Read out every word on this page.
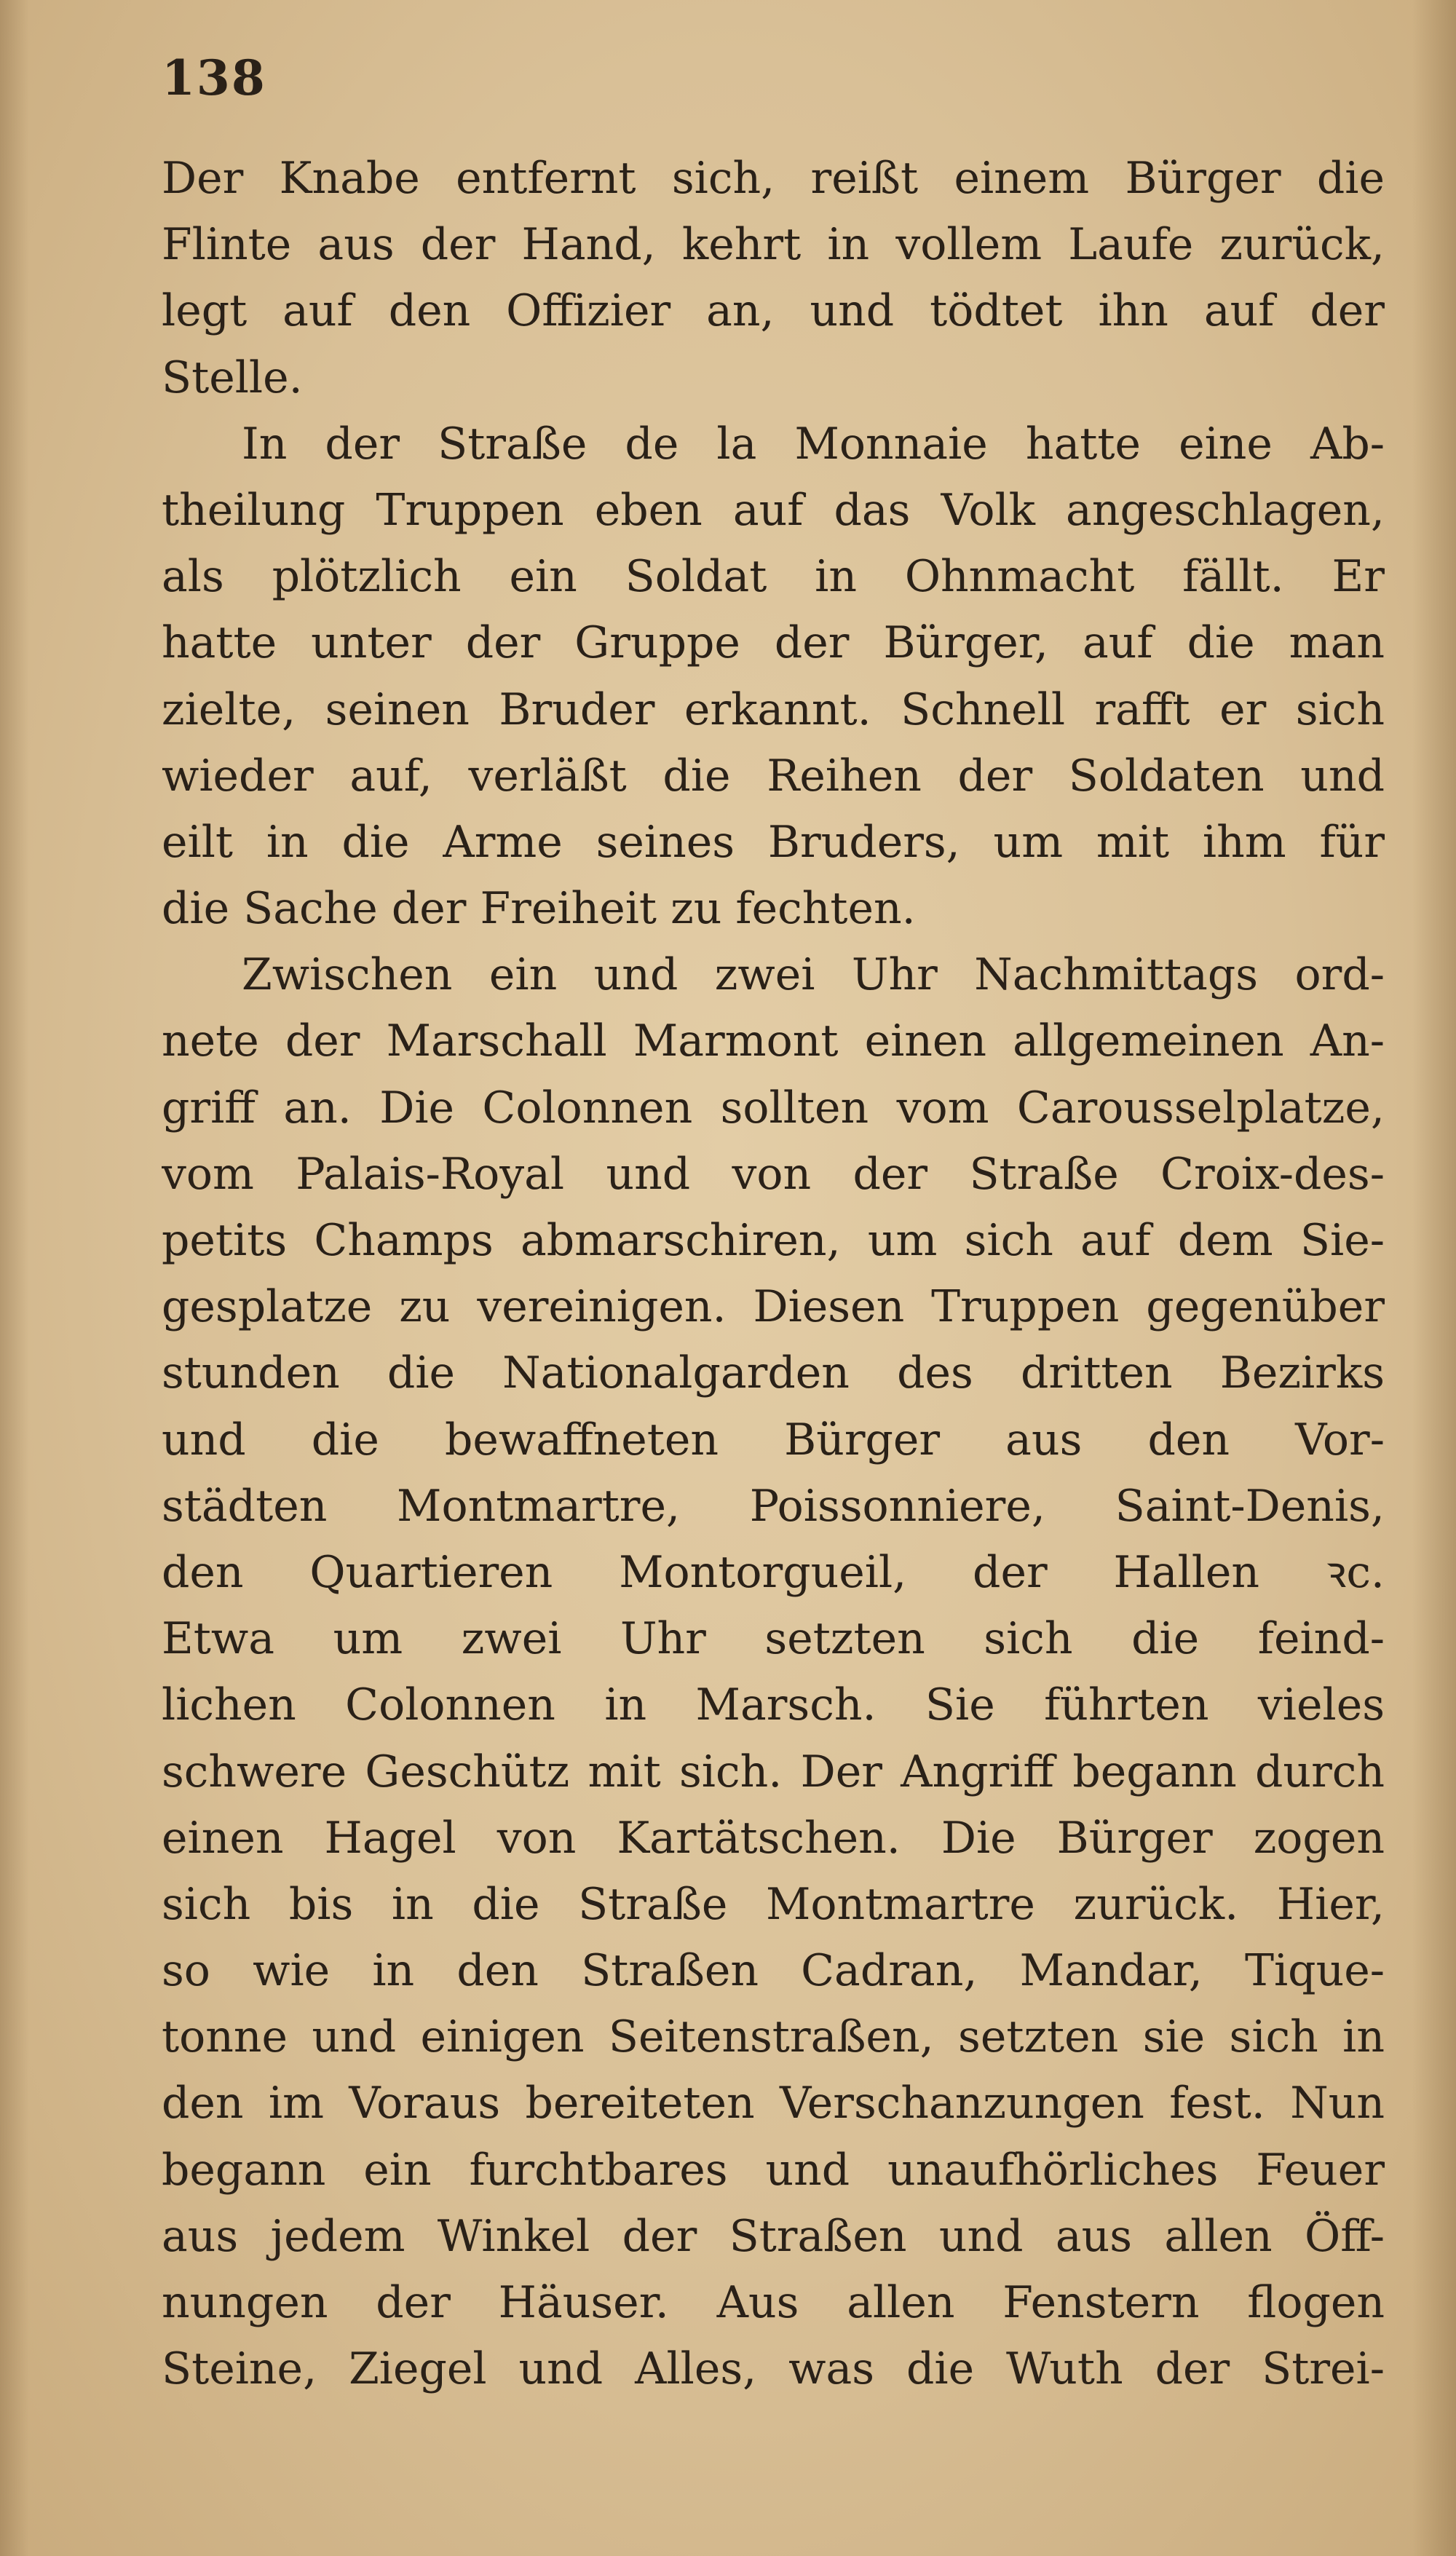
138
Der Knabe entfernt sich, reißt einem Bürger die
Flinte aus der Hand, kehrt in vollem Laufe zurück,
legt auf den Offizier an, und tödtet ihn auf der
Stelle.
In der Straße de la Monnaie hatte eine Ab-
theilung Truppen eben auf das Volk angeschlagen,
als plötzlich ein Soldat in Ohnmacht fällt. Er
hatte unter der Gruppe der Bürger, auf die man
zielte, seinen Bruder erkannt. Schnell rafft er sich
wieder auf, verläßt die Reihen der Soldaten und
eilt in die Arme seines Bruders, um mit ihm für
die Sache der Freiheit zu fechten.
Zwischen ein und zwei Uhr Nachmittags ord-
nete der Marschall Marmont einen allgemeinen An-
griff an. Die Colonnen sollten vom Carousselplatze,
vom Palais-Royal und von der Straße Croix-des-
petits Champs abmarschiren, um sich auf dem Sie-
gesplatze zu vereinigen. Diesen Truppen gegenüber
stunden die Nationalgarden des dritten Bezirks
und die bewaffneten Bürger aus den Vor-
städten Montmartre, Poissonniere, Saint-Denis,
den Quartieren Montorgueil, der Hallen ꝛc.
Etwa um zwei Uhr setzten sich die feind-
lichen Colonnen in Marsch. Sie führten vieles
schwere Geschütz mit sich. Der Angriff begann durch
einen Hagel von Kartätschen. Die Bürger zogen
sich bis in die Straße Montmartre zurück. Hier,
so wie in den Straßen Cadran, Mandar, Tique-
tonne und einigen Seitenstraßen, setzten sie sich in
den im Voraus bereiteten Verschanzungen fest. Nun
begann ein furchtbares und unaufhörliches Feuer
aus jedem Winkel der Straßen und aus allen Öff-
nungen der Häuser. Aus allen Fenstern flogen
Steine, Ziegel und Alles, was die Wuth der Strei-
